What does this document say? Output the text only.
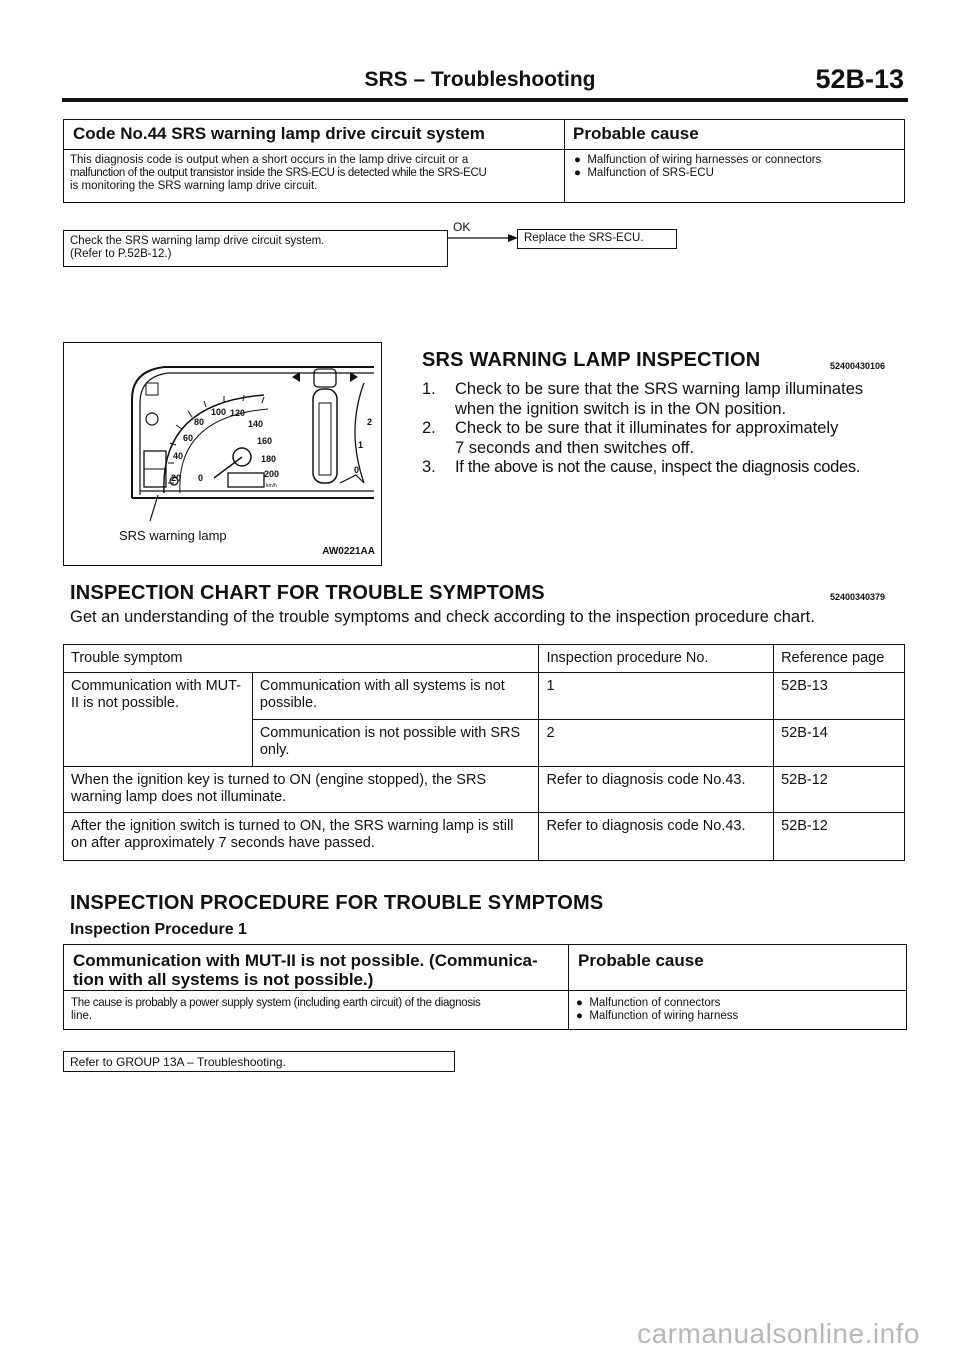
SRS – Troubleshooting	52B-13
Code No.44 SRS warning lamp drive circuit system	Probable cause
This diagnosis code is output when a short occurs in the lamp drive circuit or a
malfunction of the output transistor inside the SRS-ECU is detected while the SRS-ECU
is monitoring the SRS warning lamp drive circuit.
●  Malfunction of wiring harnesses or connectors
●  Malfunction of SRS-ECU
Check the SRS warning lamp drive circuit system.
(Refer to P.52B-12.)
OK
Replace the SRS-ECU.
20
40
60
80
100 120
140
160
180
200
0
km/h
2
1
0
SRS warning lamp
AW0221AA
SRS WARNING LAMP INSPECTION	52400430106
1.	Check to be sure that the SRS warning lamp illuminates
when the ignition switch is in the ON position.
2.	Check to be sure that it illuminates for approximately
7 seconds and then switches off.
3.	If the above is not the cause, inspect the diagnosis codes.
INSPECTION CHART FOR TROUBLE SYMPTOMS	52400340379
Get an understanding of the trouble symptoms and check according to the inspection procedure chart.
Trouble symptom		Inspection procedure No.	Reference page
Communication with MUT-II is not possible.	Communication with all systems is not possible.	1	52B-13
	Communication is not possible with SRS only.	2	52B-14
When the ignition key is turned to ON (engine stopped), the SRS warning lamp does not illuminate.		Refer to diagnosis code No.43.	52B-12
After the ignition switch is turned to ON, the SRS warning lamp is still on after approximately 7 seconds have passed.		Refer to diagnosis code No.43.	52B-12
INSPECTION PROCEDURE FOR TROUBLE SYMPTOMS
Inspection Procedure 1
Communication with MUT-II is not possible. (Communica-
tion with all systems is not possible.)
Probable cause
The cause is probably a power supply system (including earth circuit) of the diagnosis
line.
●  Malfunction of connectors
●  Malfunction of wiring harness
Refer to GROUP 13A – Troubleshooting.
carmanualsonline.info
